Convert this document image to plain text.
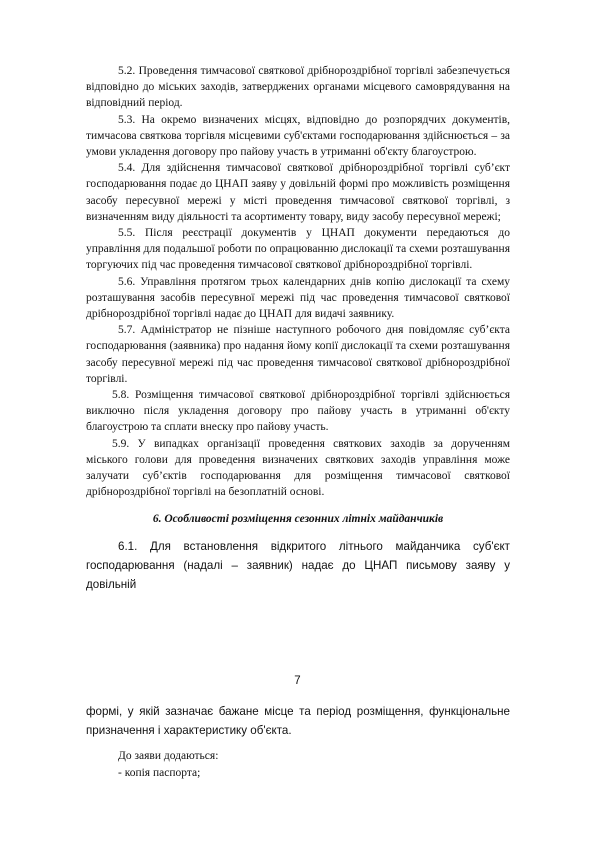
5.2. Проведення тимчасової святкової дрібнороздрібної торгівлі забезпечується відповідно до міських заходів, затверджених органами місцевого самоврядування на відповідний період.

5.3. На окремо визначених місцях, відповідно до розпорядчих документів, тимчасова святкова торгівля місцевими суб'єктами господарювання здійснюється – за умови укладення договору про пайову участь в утриманні об'єкту благоустрою.

5.4. Для здійснення тимчасової святкової дрібнороздрібної торгівлі суб’єкт господарювання подає до ЦНАП заяву у довільній формі про можливість розміщення засобу пересувної мережі у місті проведення тимчасової святкової торгівлі, з визначенням виду діяльності та асортименту товару, виду засобу пересувної мережі;

5.5. Після реєстрації документів у ЦНАП документи передаються до управління для подальшої роботи по опрацюванню дислокації та схеми розташування торгуючих під час проведення тимчасової святкової дрібнороздрібної торгівлі.

5.6. Управління протягом трьох календарних днів копію дислокації та схему розташування засобів пересувної мережі під час проведення тимчасової святкової дрібнороздрібної торгівлі надає до ЦНАП для видачі заявнику.

5.7. Адміністратор не пізніше наступного робочого дня повідомляє суб’єкта господарювання (заявника) про надання йому копії дислокації та схеми розташування засобу пересувної мережі під час проведення тимчасової святкової дрібнороздрібної торгівлі.

5.8. Розміщення тимчасової святкової дрібнороздрібної торгівлі здійснюється виключно після укладення договору про пайову участь в утриманні об'єкту благоустрою та сплати внеску про пайову участь.

5.9. У випадках організації проведення святкових заходів за дорученням міського голови для проведення визначених святкових заходів управління може залучати суб’єктів господарювання для розміщення тимчасової святкової дрібнороздрібної торгівлі на безоплатній основі.

6. Особливості розміщення сезонних літніх майданчиків

6.1. Для встановлення відкритого літнього майданчика суб'єкт господарювання (надалі – заявник) надає до ЦНАП письмову заяву у довільній

7

формі, у якій зазначає бажане місце та період розміщення, функціональне призначення і характеристику об'єкта.

До заяви додаються:

- копія паспорта;
